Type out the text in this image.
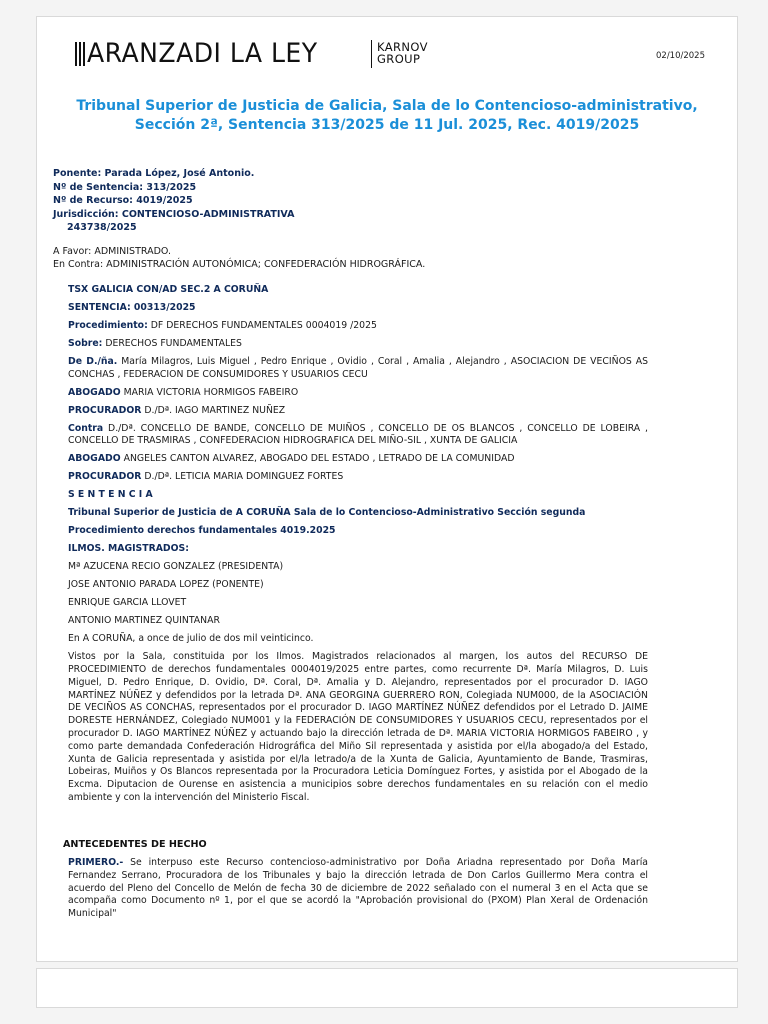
ARANZADI LA LEY	KARNOV
GROUP	02/10/2025
Tribunal Superior de Justicia de Galicia, Sala de lo Contencioso-administrativo, Sección 2ª, Sentencia 313/2025 de 11 Jul. 2025, Rec. 4019/2025
Ponente: Parada López, José Antonio.
Nº de Sentencia: 313/2025
Nº de Recurso: 4019/2025
Jurisdicción: CONTENCIOSO-ADMINISTRATIVA
243738/2025
A Favor: ADMINISTRADO.
En Contra: ADMINISTRACIÓN AUTONÓMICA; CONFEDERACIÓN HIDROGRÁFICA.

TSX GALICIA CON/AD SEC.2 A CORUÑA

SENTENCIA: 00313/2025

Procedimiento: DF DERECHOS FUNDAMENTALES 0004019 /2025

Sobre: DERECHOS FUNDAMENTALES

De D./ña. María Milagros, Luis Miguel , Pedro Enrique , Ovidio , Coral , Amalia , Alejandro , ASOCIACION DE VECIÑOS AS CONCHAS , FEDERACION DE CONSUMIDORES Y USUARIOS CECU

ABOGADO MARIA VICTORIA HORMIGOS FABEIRO

PROCURADOR D./Dª. IAGO MARTINEZ NUÑEZ

Contra D./Dª. CONCELLO DE BANDE, CONCELLO DE MUIÑOS , CONCELLO DE OS BLANCOS , CONCELLO DE LOBEIRA , CONCELLO DE TRASMIRAS , CONFEDERACION HIDROGRAFICA DEL MIÑO-SIL , XUNTA DE GALICIA

ABOGADO ANGELES CANTON ALVAREZ, ABOGADO DEL ESTADO , LETRADO DE LA COMUNIDAD

PROCURADOR D./Dª. LETICIA MARIA DOMINGUEZ FORTES

S E N T E N C I A

Tribunal Superior de Justicia de A CORUÑA Sala de lo Contencioso-Administrativo Sección segunda

Procedimiento derechos fundamentales 4019.2025

ILMOS. MAGISTRADOS:

Mª AZUCENA RECIO GONZALEZ (PRESIDENTA)

JOSE ANTONIO PARADA LOPEZ (PONENTE)

ENRIQUE GARCIA LLOVET

ANTONIO MARTINEZ QUINTANAR

En A CORUÑA, a once de julio de dos mil veinticinco.

Vistos por la Sala, constituida por los Ilmos. Magistrados relacionados al margen, los autos del RECURSO DE PROCEDIMIENTO de derechos fundamentales 0004019/2025 entre partes, como recurrente Dª. María Milagros, D. Luis Miguel, D. Pedro Enrique, D. Ovidio, Dª. Coral, Dª. Amalia y D. Alejandro, representados por el procurador D. IAGO MARTÍNEZ NÚÑEZ y defendidos por la letrada Dª. ANA GEORGINA GUERRERO RON, Colegiada NUM000, de la ASOCIACIÓN DE VECIÑOS AS CONCHAS, representados por el procurador D. IAGO MARTÍNEZ NÚÑEZ defendidos por el Letrado D. JAIME DORESTE HERNÁNDEZ, Colegiado NUM001 y la FEDERACIÓN DE CONSUMIDORES Y USUARIOS CECU, representados por el procurador D. IAGO MARTÍNEZ NÚÑEZ y actuando bajo la dirección letrada de Dª. MARIA VICTORIA HORMIGOS FABEIRO , y como parte demandada Confederación Hidrográfica del Miño Sil representada y asistida por el/la abogado/a del Estado, Xunta de Galicia representada y asistida por el/la letrado/a de la Xunta de Galicia, Ayuntamiento de Bande, Trasmiras, Lobeiras, Muiños y Os Blancos representada por la Procuradora Leticia Domínguez Fortes, y asistida por el Abogado de la Excma. Diputacion de Ourense en asistencia a municipios sobre derechos fundamentales en su relación con el medio ambiente y con la intervención del Ministerio Fiscal.

ANTECEDENTES DE HECHO
PRIMERO.- Se interpuso este Recurso contencioso-administrativo por Doña Ariadna representado por Doña María Fernandez Serrano, Procuradora de los Tribunales y bajo la dirección letrada de Don Carlos Guillermo Mera contra el acuerdo del Pleno del Concello de Melón de fecha 30 de diciembre de 2022 señalado con el numeral 3 en el Acta que se acompaña como Documento nº 1, por el que se acordó la "Aprobación provisional do (PXOM) Plan Xeral de Ordenación Municipal"
